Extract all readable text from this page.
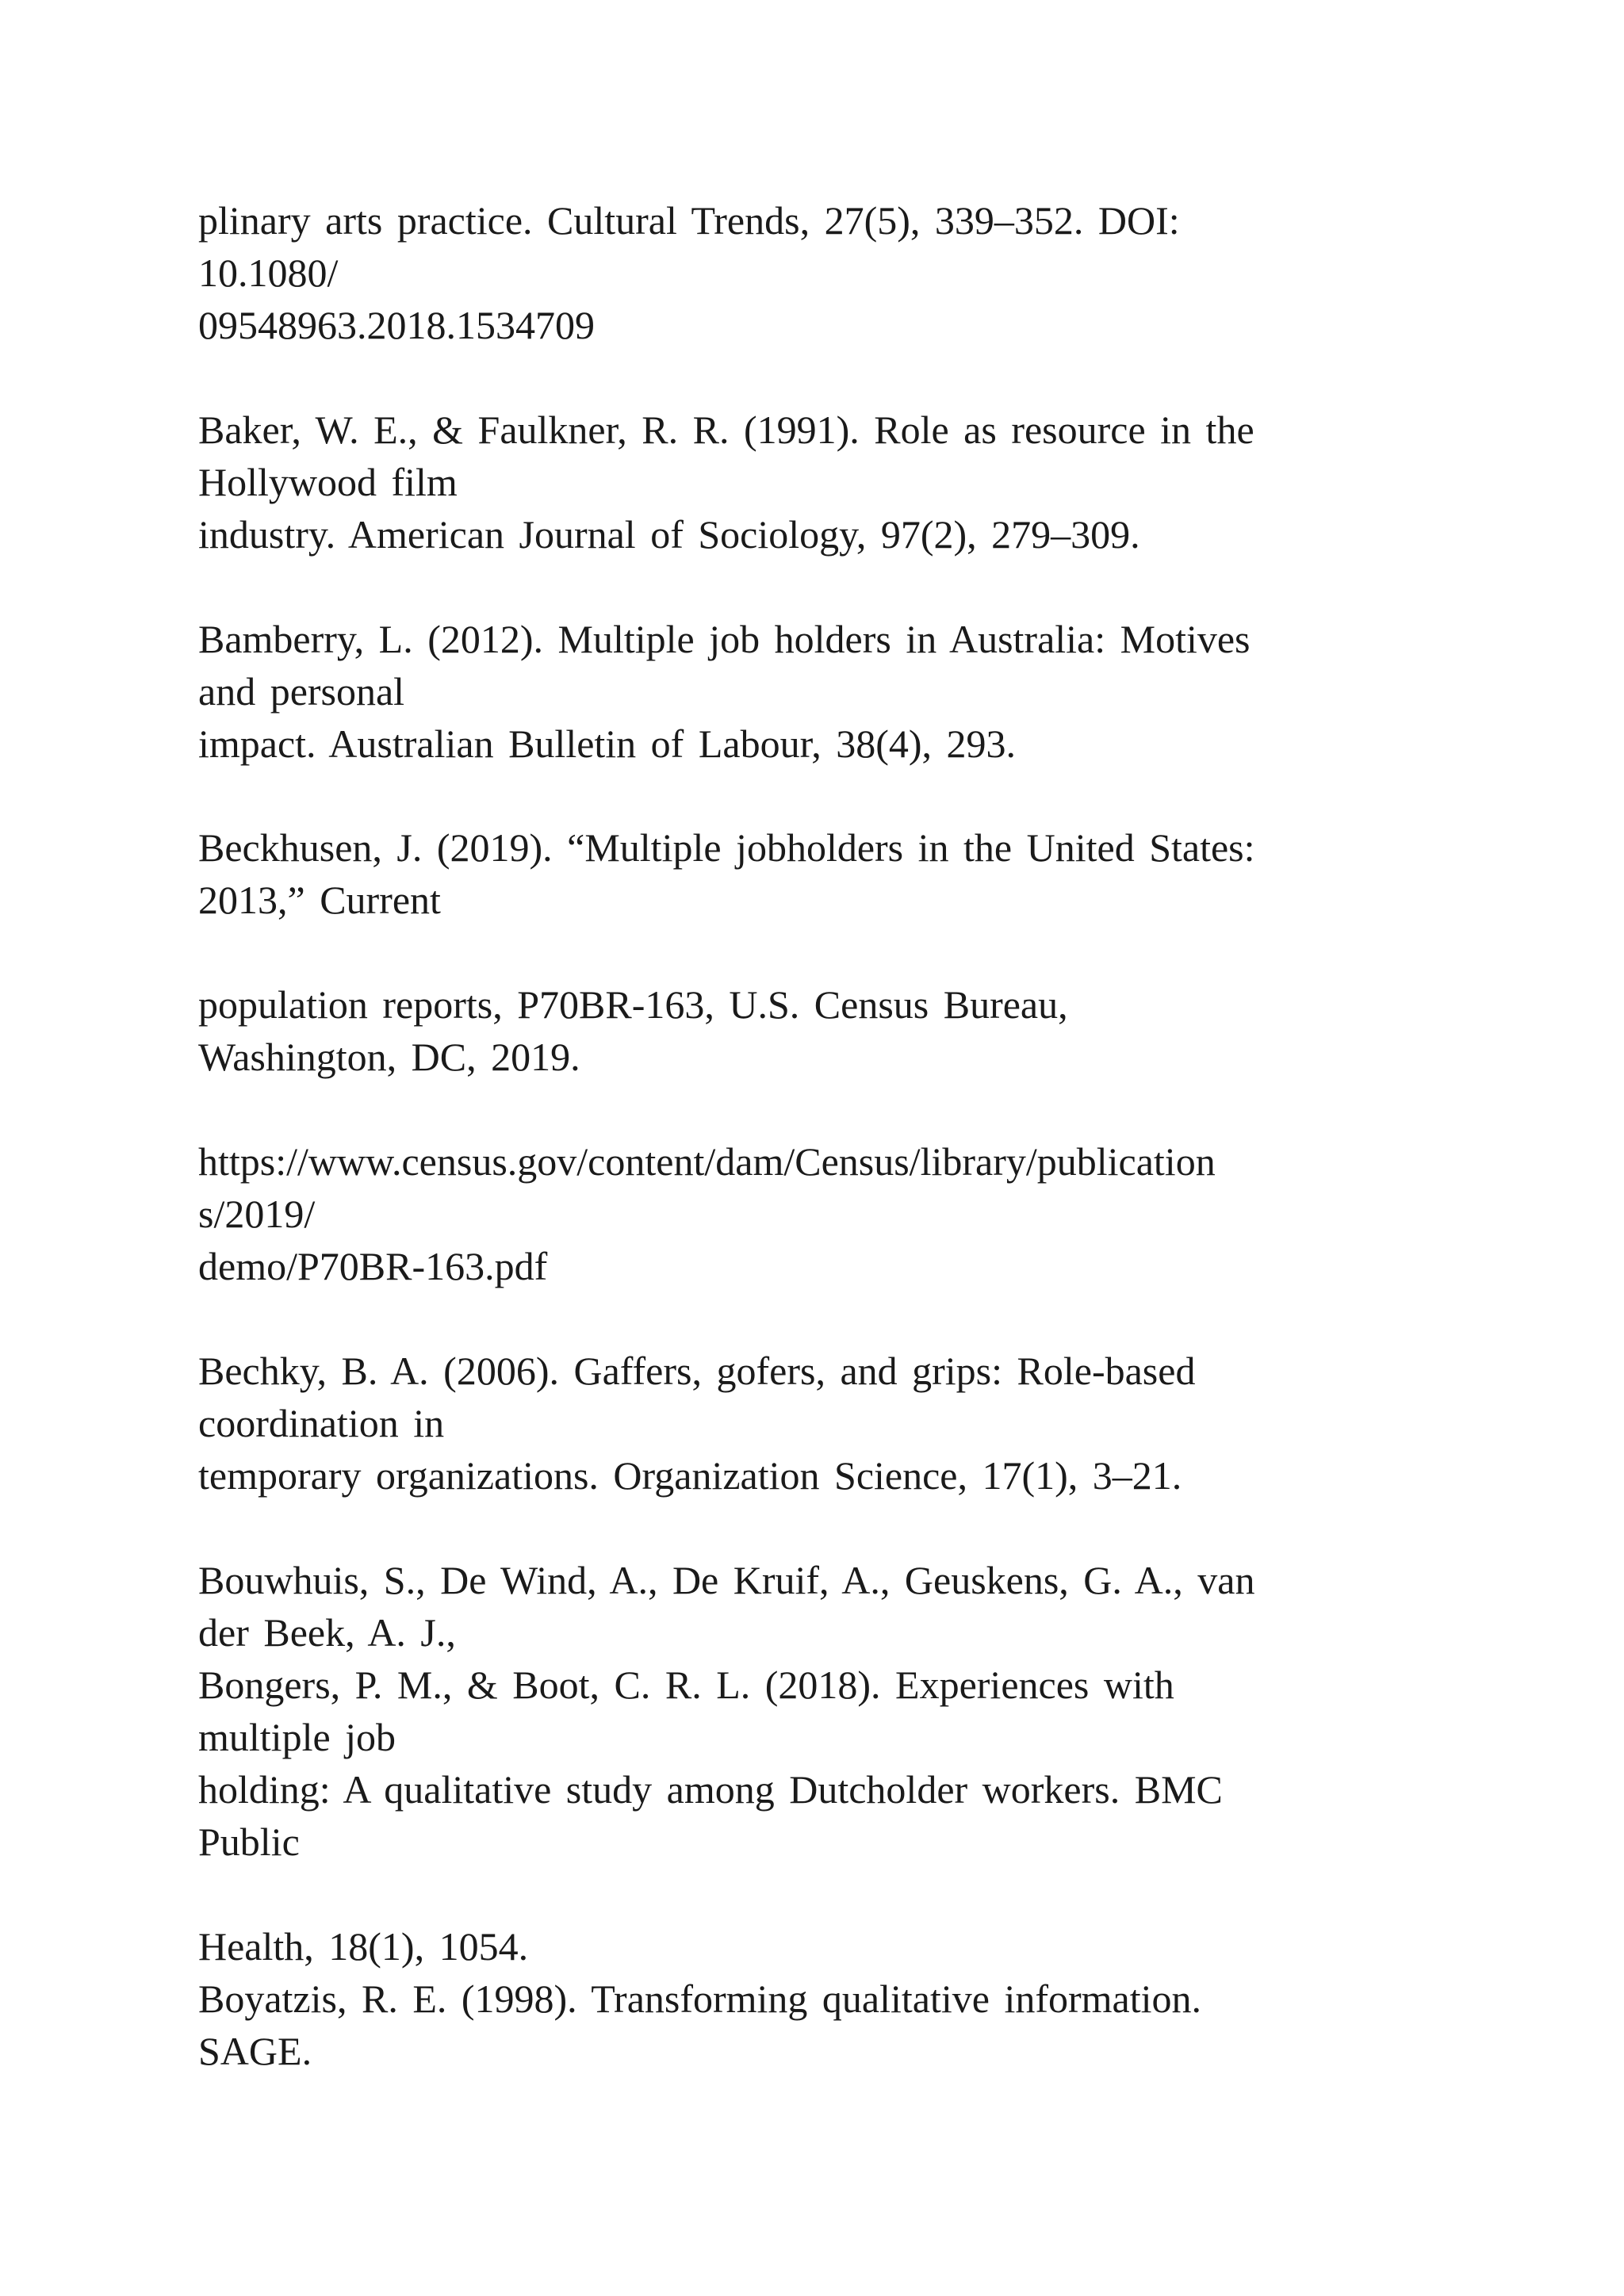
plinary arts practice. Cultural Trends, 27(5), 339–352. DOI:

10.1080/

09548963.2018.1534709

Baker, W. E., & Faulkner, R. R. (1991). Role as resource in the

Hollywood film

industry. American Journal of Sociology, 97(2), 279–309.

Bamberry, L. (2012). Multiple job holders in Australia: Motives

and personal

impact. Australian Bulletin of Labour, 38(4), 293.

Beckhusen, J. (2019). “Multiple jobholders in the United States:

2013,” Current

population reports, P70BR-163, U.S. Census Bureau,

Washington, DC, 2019.

https://www.census.gov/content/dam/Census/library/publication

s/2019/

demo/P70BR-163.pdf

Bechky, B. A. (2006). Gaffers, gofers, and grips: Role-based

coordination in

temporary organizations. Organization Science, 17(1), 3–21.

Bouwhuis, S., De Wind, A., De Kruif, A., Geuskens, G. A., van

der Beek, A. J.,

Bongers, P. M., & Boot, C. R. L. (2018). Experiences with

multiple job

holding: A qualitative study among Dutcholder workers. BMC

Public

Health, 18(1), 1054.

Boyatzis, R. E. (1998). Transforming qualitative information.

SAGE.
